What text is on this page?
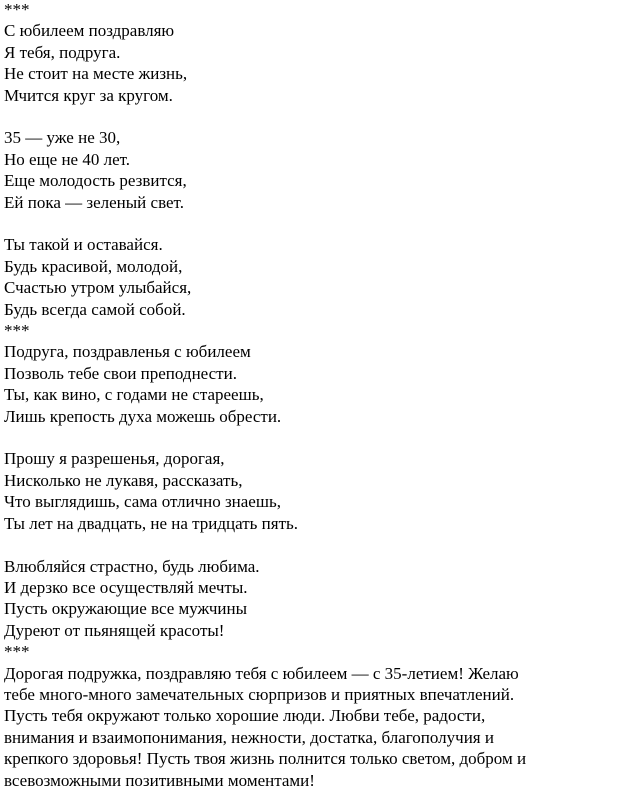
***
С юбилеем поздравляю
Я тебя, подруга.
Не стоит на месте жизнь,
Мчится круг за кругом.
35 — уже не 30,
Но еще не 40 лет.
Еще молодость резвится,
Ей пока — зеленый свет.
Ты такой и оставайся.
Будь красивой, молодой,
Счастью утром улыбайся,
Будь всегда самой собой.
***
Подруга, поздравленья с юбилеем
Позволь тебе свои преподнести.
Ты, как вино, с годами не стареешь,
Лишь крепость духа можешь обрести.
Прошу я разрешенья, дорогая,
Нисколько не лукавя, рассказать,
Что выглядишь, сама отлично знаешь,
Ты лет на двадцать, не на тридцать пять.
Влюбляйся страстно, будь любима.
И дерзко все осуществляй мечты.
Пусть окружающие все мужчины
Дуреют от пьянящей красоты!
***
Дорогая подружка, поздравляю тебя с юбилеем — с 35-летием! Желаю
тебе много-много замечательных сюрпризов и приятных впечатлений.
Пусть тебя окружают только хорошие люди. Любви тебе, радости,
внимания и взаимопонимания, нежности, достатка, благополучия и
крепкого здоровья! Пусть твоя жизнь полнится только светом, добром и
всевозможными позитивными моментами!
